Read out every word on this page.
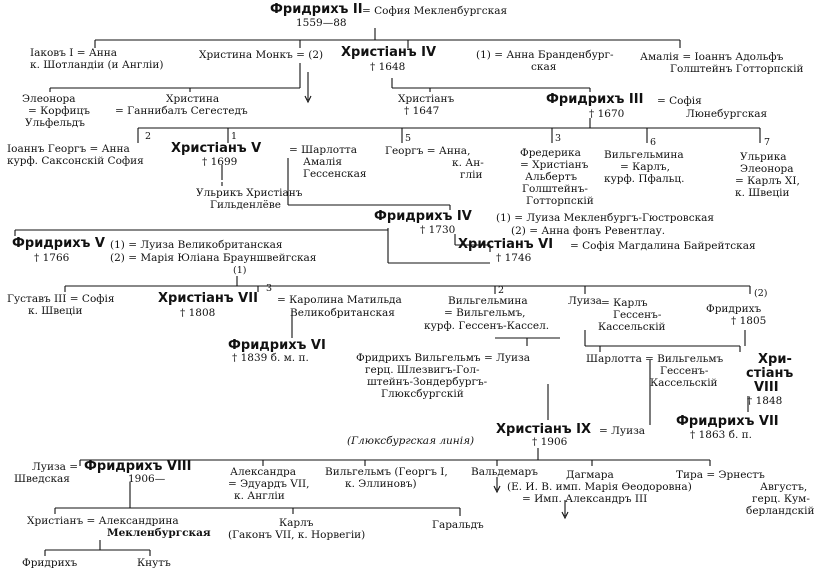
Фридрихъ II = София Мекленбургская
1559—88
Іаковъ I = Анна
к. Шотландіи (и Англіи)
Христина Монкъ = (2) Христіанъ IV
† 1648
(1) = Анна Бранденбург-
ская
Амалія = Іоаннъ Адольфъ
Голштейнъ Готторпскій
Элеонора
= Корфицъ
Ульфельдъ
Христина
= Ганнибалъ Сегестедъ
Христіанъ
† 1647
Фридрихъ III = Софія
† 1670	Люнебургская
2	1	5	3	6	7
Іоаннъ Георгъ = Анна
курф. Саксонскій София
Христіанъ V	= Шарлотта
† 1699	Амалія
Гессенская
Георгъ = Анна,
к. Ан-
гліи
Фредерика
= Христіанъ
Альбертъ
Голштейнъ-
Готторпскій
Вильгельмина
= Карлъ,
курф. Пфальц.
Ульрика
Элеонора
= Карлъ XI,
к. Швеціи
Ульрикъ Христіанъ
Гильденлёве
Фридрихъ IV (1) = Луиза Мекленбургъ-Гюстровская
† 1730	(2) = Анна фонъ Ревентлау.
Христіанъ VI = Софія Магдалина Байрейтская
† 1746
Фридрихъ V (1) = Луиза Великобританская
† 1766	(2) = Марія Юліана Брауншвейгская
(1)
3	2	(2)
Густавъ III = Софія
к. Швеціи
Христіанъ VII = Каролина Матильда
† 1808	Великобританская
Вильгельмина
= Вильгельмъ,
курф. Гессенъ-Кассел.
Луиза = Карлъ
Гессенъ-
Кассельскій
Фридрихъ
† 1805
Фридрихъ VI
† 1839 б. м. п.	Фридрихъ Вильгельмъ = Луиза
герц. Шлезвигъ-Гол-
штейнъ-Зондербургъ-
Глюксбургскій
Шарлотта = Вильгельмъ
Гессенъ-
Кассельскій
Хри-
стіанъ
VIII
† 1848
Фридрихъ VII
† 1863 б. п.
(Глюксбургская линія)
Христіанъ IX = Луиза
† 1906
Луиза =
Шведская
Фридрихъ VIII
1906—
Александра
= Эдуардъ VII,
к. Англіи
Вильгельмъ (Георгъ I,
к. Эллиновъ)
Вальдемаръ	Дагмара
(Е. И. В. имп. Марія Ѳеодоровна)
= Имп. Александръ III
Тира = Эрнестъ
Августъ,
герц. Кум-
берландскій
Христіанъ = Александрина
Мекленбургская
Карлъ
(Гаконъ VII, к. Норвегіи)
Гаральдъ
Фридрихъ	Кнутъ
